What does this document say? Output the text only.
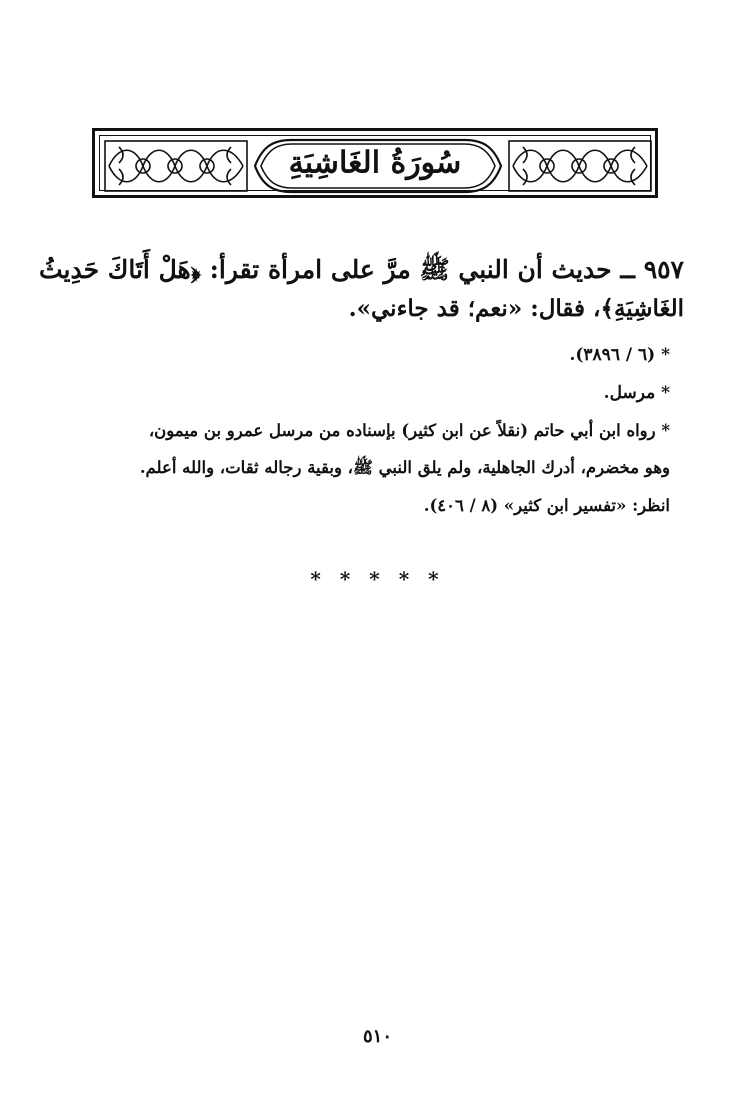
سُورَةُ الغَاشِيَةِ
٩٥٧ ــ حديث أن النبي ﷺ مرَّ على امرأة تقرأ: ﴿هَلْ أَتَاكَ حَدِيثُ
الغَاشِيَةِ﴾، فقال: «نعم؛ قد جاءني».
* (٦ / ٣٨٩٦).
* مرسل.
* رواه ابن أبي حاتم (نقلاً عن ابن كثير) بإسناده من مرسل عمرو بن ميمون،
وهو مخضرم، أدرك الجاهلية، ولم يلق النبي ﷺ، وبقية رجاله ثقات، والله أعلم.
انظر: «تفسير ابن كثير» (٨ / ٤٠٦).
* * * * *
٥١٠
